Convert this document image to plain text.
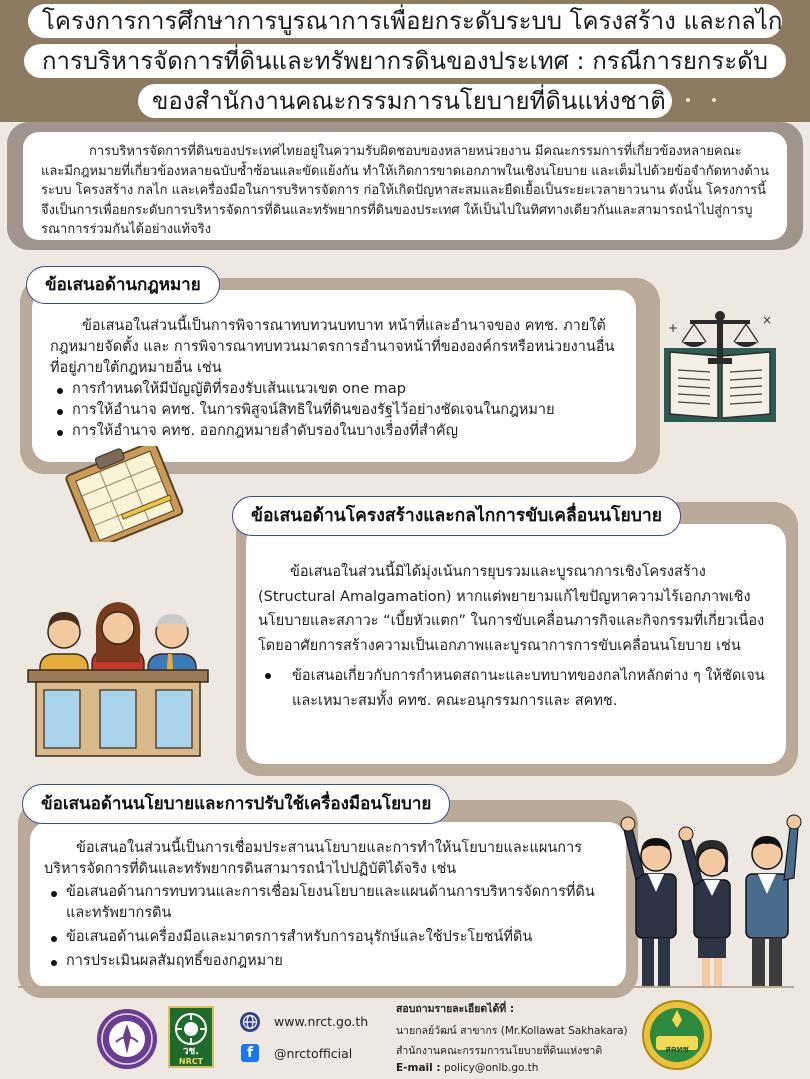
โครงการการศึกษาการบูรณาการเพื่อยกระดับระบบ โครงสร้าง และกลไก
การบริหารจัดการที่ดินและทรัพยากรดินของประเทศ : กรณีการยกระดับ
ของสำนักงานคณะกรรมการนโยบายที่ดินแห่งชาติ
การบริหารจัดการที่ดินของประเทศไทยอยู่ในความรับผิดชอบของหลายหน่วยงาน มีคณะกรรมการที่เกี่ยวข้องหลายคณะ และมีกฎหมายที่เกี่ยวข้องหลายฉบับซ้ำซ้อนและขัดแย้งกัน ทำให้เกิดการขาดเอกภาพในเชิงนโยบาย และเต็มไปด้วยข้อจำกัดทางด้านระบบ โครงสร้าง กลไก และเครื่องมือในการบริหารจัดการ ก่อให้เกิดปัญหาสะสมและยืดเยื้อเป็นระยะเวลายาวนาน ดังนั้น โครงการนี้จึงเป็นการเพื่อยกระดับการบริหารจัดการที่ดินและทรัพยากรที่ดินของประเทศ ให้เป็นไปในทิศทางเดียวกันและสามารถนำไปสู่การบูรณาการร่วมกันได้อย่างแท้จริง

ข้อเสนอในส่วนนี้เป็นการพิจารณาทบทวนบทบาท หน้าที่และอำนาจของ คทช. ภายใต้กฎหมายจัดตั้ง และ การพิจารณาทบทวนมาตรการอำนาจหน้าที่ขององค์กรหรือหน่วยงานอื่นที่อยู่ภายใต้กฎหมายอื่น เช่น

การกำหนดให้มีบัญญัติที่รองรับเส้นแนวเขต one map
การให้อำนาจ คทช. ในการพิสูจน์สิทธิในที่ดินของรัฐไว้อย่างชัดเจนในกฎหมาย
การให้อำนาจ คทช. ออกกฎหมายลำดับรองในบางเรื่องที่สำคัญ
ข้อเสนอด้านกฎหมาย
+
×

ข้อเสนอในส่วนนี้มิได้มุ่งเน้นการยุบรวมและบูรณาการเชิงโครงสร้าง (Structural Amalgamation) หากแต่พยายามแก้ไขปัญหาความไร้เอกภาพเชิงนโยบายและสภาวะ “เบี้ยหัวแตก” ในการขับเคลื่อนภารกิจและกิจกรรมที่เกี่ยวเนื่อง โดยอาศัยการสร้างความเป็นเอกภาพและบูรณาการการขับเคลื่อนนโยบาย เช่น

ข้อเสนอเกี่ยวกับการกำหนดสถานะและบทบาทของกลไกหลักต่าง ๆ ให้ชัดเจนและเหมาะสมทั้ง คทช. คณะอนุกรรมการและ สคทช.
ข้อเสนอด้านโครงสร้างและกลไกการขับเคลื่อนนโยบาย

ข้อเสนอในส่วนนี้เป็นการเชื่อมประสานนโยบายและการทำให้นโยบายและแผนการบริหารจัดการที่ดินและทรัพยากรดินสามารถนำไปปฏิบัติได้จริง เช่น

ข้อเสนอด้านการทบทวนและการเชื่อมโยงนโยบายและแผนด้านการบริหารจัดการที่ดินและทรัพยากรดิน
ข้อเสนอด้านเครื่องมือและมาตรการสำหรับการอนุรักษ์และใช้ประโยชน์ที่ดิน
การประเมินผลสัมฤทธิ์ของกฎหมาย
ข้อเสนอด้านนโยบายและการปรับใช้เครื่องมือนโยบาย
วช.
NRCT
www.nrct.go.th
f	@nrctofficial
สอบถามรายละเอียดได้ที่ :
นายกลย์วัฒน์ สาขากร (Mr.Kollawat Sakhakara)
สำนักงานคณะกรรมการนโยบายที่ดินแห่งชาติ
E-mail : policy@onlb.go.th
สคทช
